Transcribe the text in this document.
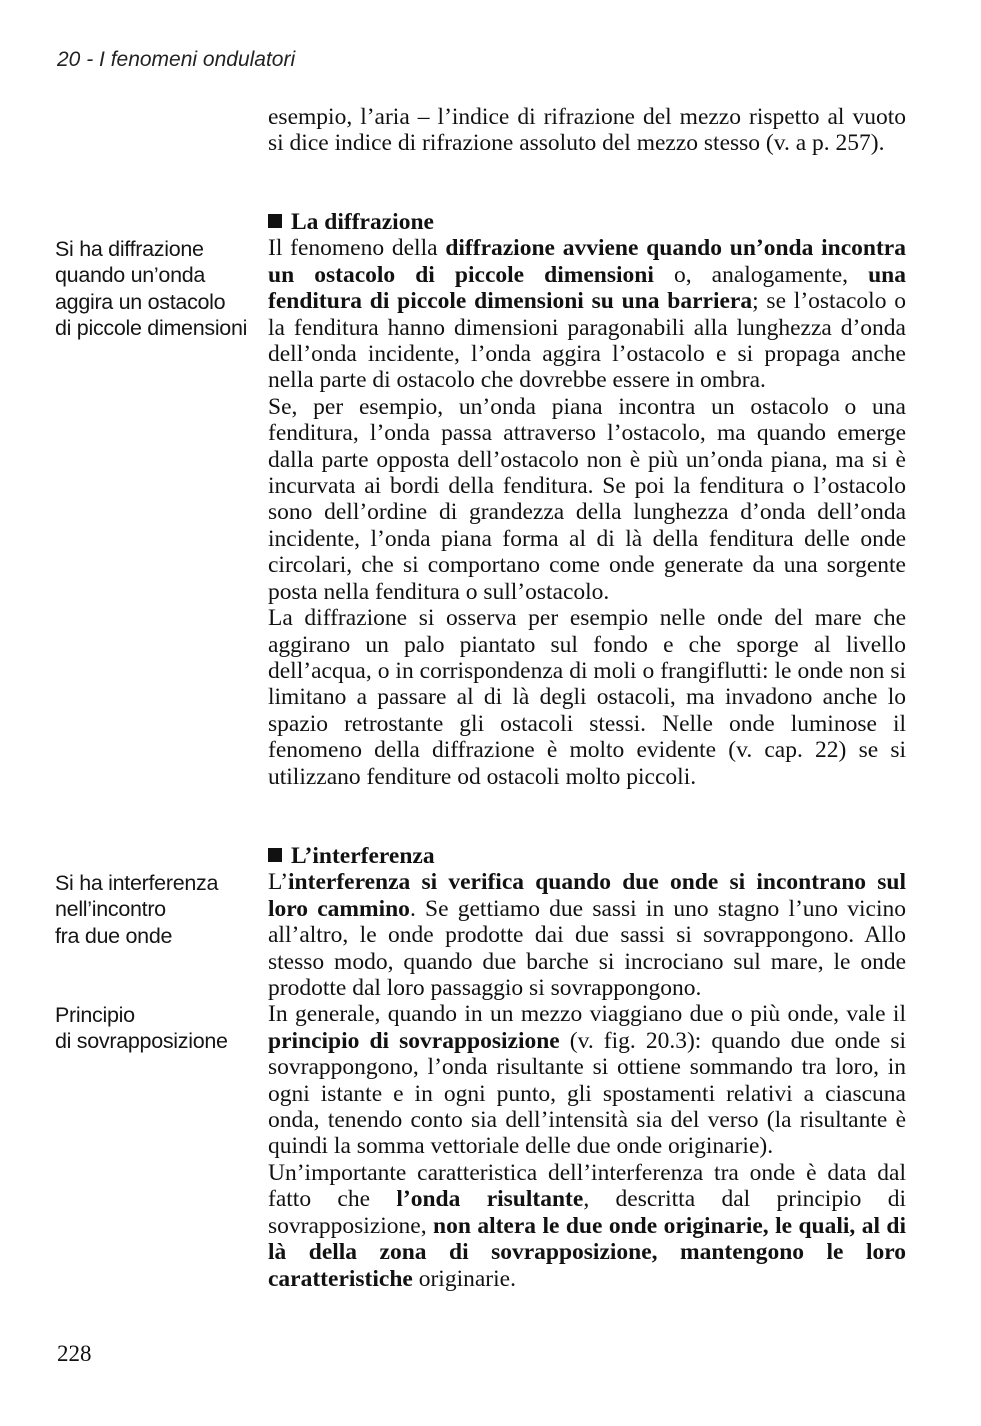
20 - I fenomeni ondulatori

esempio, l’aria – l’indice di rifrazione del mezzo rispetto al vuoto si dice indice di rifrazione assoluto del mezzo stesso (v. a p. 257).

La diffrazione

Il fenomeno della diffrazione avviene quando un’onda incontra un ostacolo di piccole dimensioni o, analogamente, una fenditura di piccole dimensioni su una barriera; se l’ostacolo o la fenditura hanno dimensioni paragonabili alla lunghezza d’onda dell’onda incidente, l’onda aggira l’ostacolo e si propaga anche nella parte di ostacolo che dovrebbe essere in ombra.

Se, per esempio, un’onda piana incontra un ostacolo o una fenditura, l’onda passa attraverso l’ostacolo, ma quando emerge dalla parte opposta dell’ostacolo non è più un’onda piana, ma si è incurvata ai bordi della fenditura. Se poi la fenditura o l’ostacolo sono dell’ordine di grandezza della lunghezza d’onda dell’onda incidente, l’onda piana forma al di là della fenditura delle onde circolari, che si comportano come onde generate da una sorgente posta nella fenditura o sull’ostacolo.

La diffrazione si osserva per esempio nelle onde del mare che aggirano un palo piantato sul fondo e che sporge al livello dell’acqua, o in corrispondenza di moli o frangiflutti: le onde non si limitano a passare al di là degli ostacoli, ma invadono anche lo spazio retrostante gli ostacoli stessi. Nelle onde luminose il fenomeno della diffrazione è molto evidente (v. cap. 22) se si utilizzano fenditure od ostacoli molto piccoli.

Si ha diffrazione
quando un’onda
aggira un ostacolo
di piccole dimensioni
L’interferenza

L’interferenza si verifica quando due onde si incontrano sul loro cammino. Se gettiamo due sassi in uno stagno l’uno vicino all’altro, le onde prodotte dai due sassi si sovrappongono. Allo stesso modo, quando due barche si incrociano sul mare, le onde prodotte dal loro passaggio si sovrappongono.

In generale, quando in un mezzo viaggiano due o più onde, vale il principio di sovrapposizione (v. fig. 20.3): quando due onde si sovrappongono, l’onda risultante si ottiene sommando tra loro, in ogni istante e in ogni punto, gli spostamenti relativi a ciascuna onda, tenendo conto sia dell’intensità sia del verso (la risultante è quindi la somma vettoriale delle due onde originarie).

Un’importante caratteristica dell’interferenza tra onde è data dal fatto che l’onda risultante, descritta dal principio di sovrapposizione, non altera le due onde originarie, le quali, al di là della zona di sovrapposizione, mantengono le loro caratteristiche originarie.

Si ha interferenza
nell’incontro
fra due onde
Principio
di sovrapposizione
228
